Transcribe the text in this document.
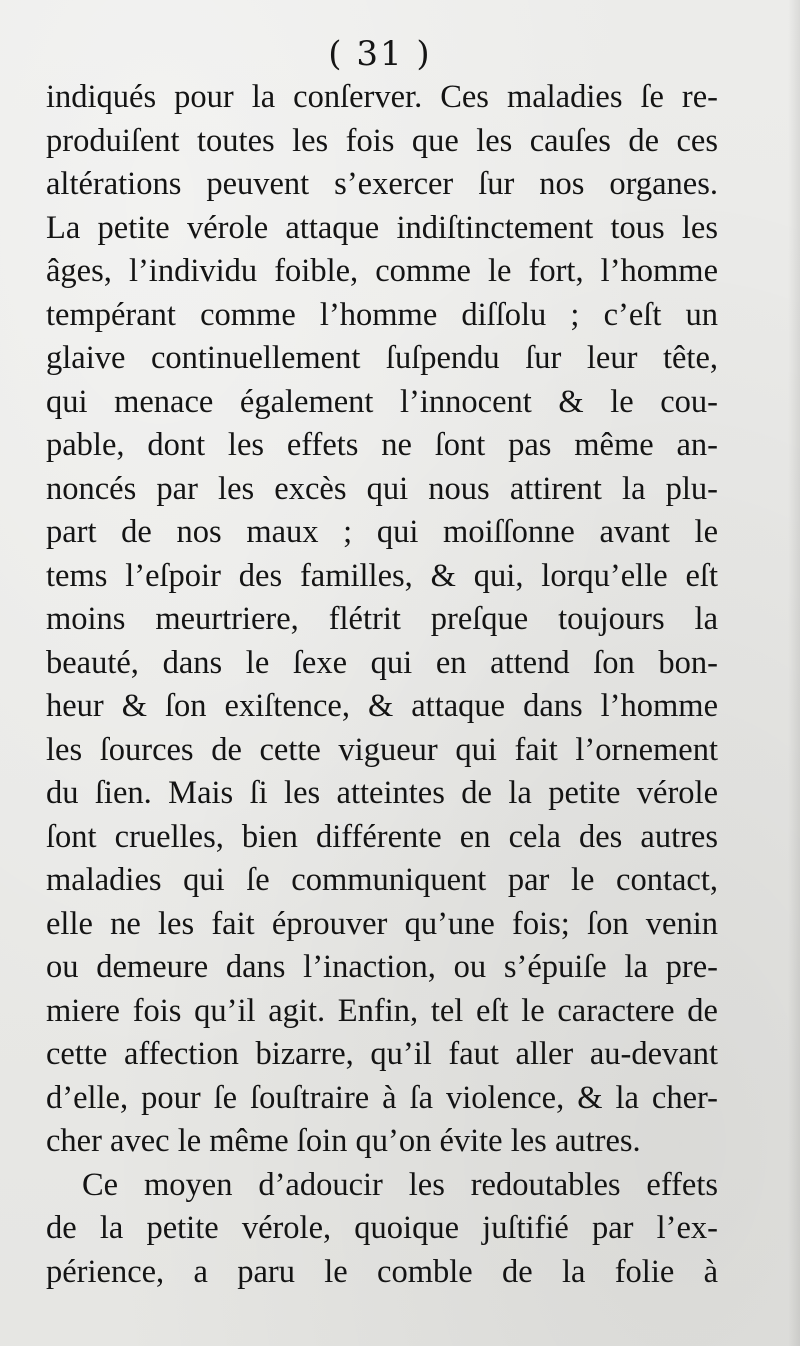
( 31 )
indiqués pour la conſerver. Ces maladies ſe re-
produiſent toutes les fois que les cauſes de ces
altérations peuvent s’exercer ſur nos organes.
La petite vérole attaque indiſtinctement tous les
âges, l’individu foible, comme le fort, l’homme
tempérant comme l’homme diſſolu ; c’eſt un
glaive continuellement ſuſpendu ſur leur tête,
qui menace également l’innocent & le cou-
pable, dont les effets ne ſont pas même an-
noncés par les excès qui nous attirent la plu-
part de nos maux ; qui moiſſonne avant le
tems l’eſpoir des familles, & qui, lorqu’elle eſt
moins meurtriere, flétrit preſque toujours la
beauté, dans le ſexe qui en attend ſon bon-
heur & ſon exiſtence, & attaque dans l’homme
les ſources de cette vigueur qui fait l’ornement
du ſien. Mais ſi les atteintes de la petite vérole
ſont cruelles, bien différente en cela des autres
maladies qui ſe communiquent par le contact,
elle ne les fait éprouver qu’une fois; ſon venin
ou demeure dans l’inaction, ou s’épuiſe la pre-
miere fois qu’il agit. Enfin, tel eſt le caractere de
cette affection bizarre, qu’il faut aller au-devant
d’elle, pour ſe ſouſtraire à ſa violence, & la cher-
cher avec le même ſoin qu’on évite les autres.
Ce moyen d’adoucir les redoutables effets
de la petite vérole, quoique juſtifié par l’ex-
périence, a paru le comble de la folie à
